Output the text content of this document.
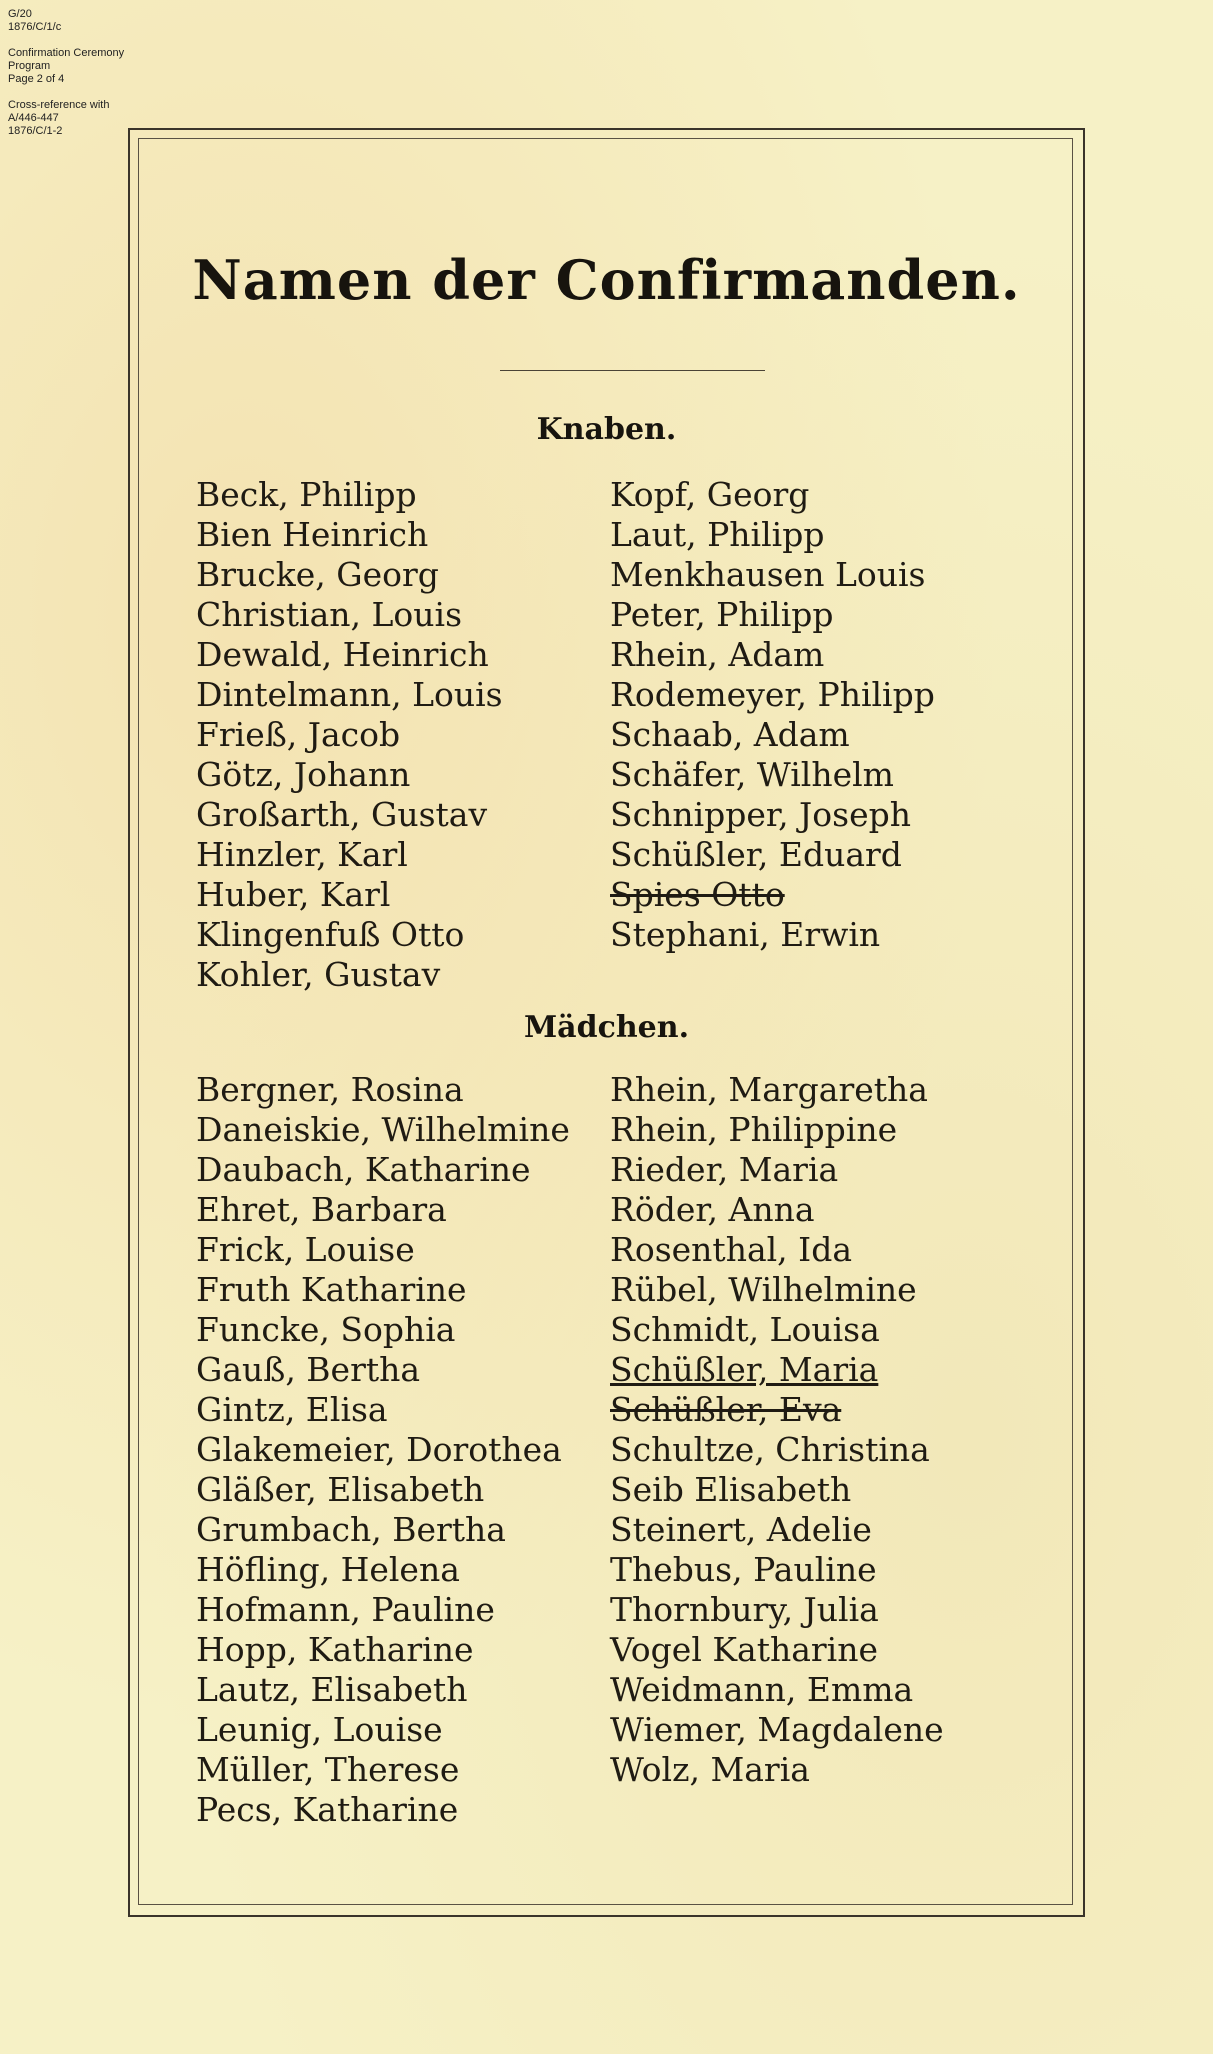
G/20
1876/C/1/c
Confirmation Ceremony
Program
Page 2 of 4
Cross-reference with
A/446-447
1876/C/1-2
Namen der Confirmanden.
Knaben.
Beck, Philipp
Bien Heinrich
Brucke, Georg
Christian, Louis
Dewald, Heinrich
Dintelmann, Louis
Frieß, Jacob
Götz, Johann
Großarth, Gustav
Hinzler, Karl
Huber, Karl
Klingenfuß Otto
Kohler, Gustav
Kopf, Georg
Laut, Philipp
Menkhausen Louis
Peter, Philipp
Rhein, Adam
Rodemeyer, Philipp
Schaab, Adam
Schäfer, Wilhelm
Schnipper, Joseph
Schüßler, Eduard
Spies Otto
Stephani, Erwin
Mädchen.
Bergner, Rosina
Daneiskie, Wilhelmine
Daubach, Katharine
Ehret, Barbara
Frick, Louise
Fruth Katharine
Funcke, Sophia
Gauß, Bertha
Gintz, Elisa
Glakemeier, Dorothea
Gläßer, Elisabeth
Grumbach, Bertha
Höfling, Helena
Hofmann, Pauline
Hopp, Katharine
Lautz, Elisabeth
Leunig, Louise
Müller, Therese
Pecs, Katharine
Rhein, Margaretha
Rhein, Philippine
Rieder, Maria
Röder, Anna
Rosenthal, Ida
Rübel, Wilhelmine
Schmidt, Louisa
Schüßler, Maria
Schüßler, Eva
Schultze, Christina
Seib Elisabeth
Steinert, Adelie
Thebus, Pauline
Thornbury, Julia
Vogel Katharine
Weidmann, Emma
Wiemer, Magdalene
Wolz, Maria
